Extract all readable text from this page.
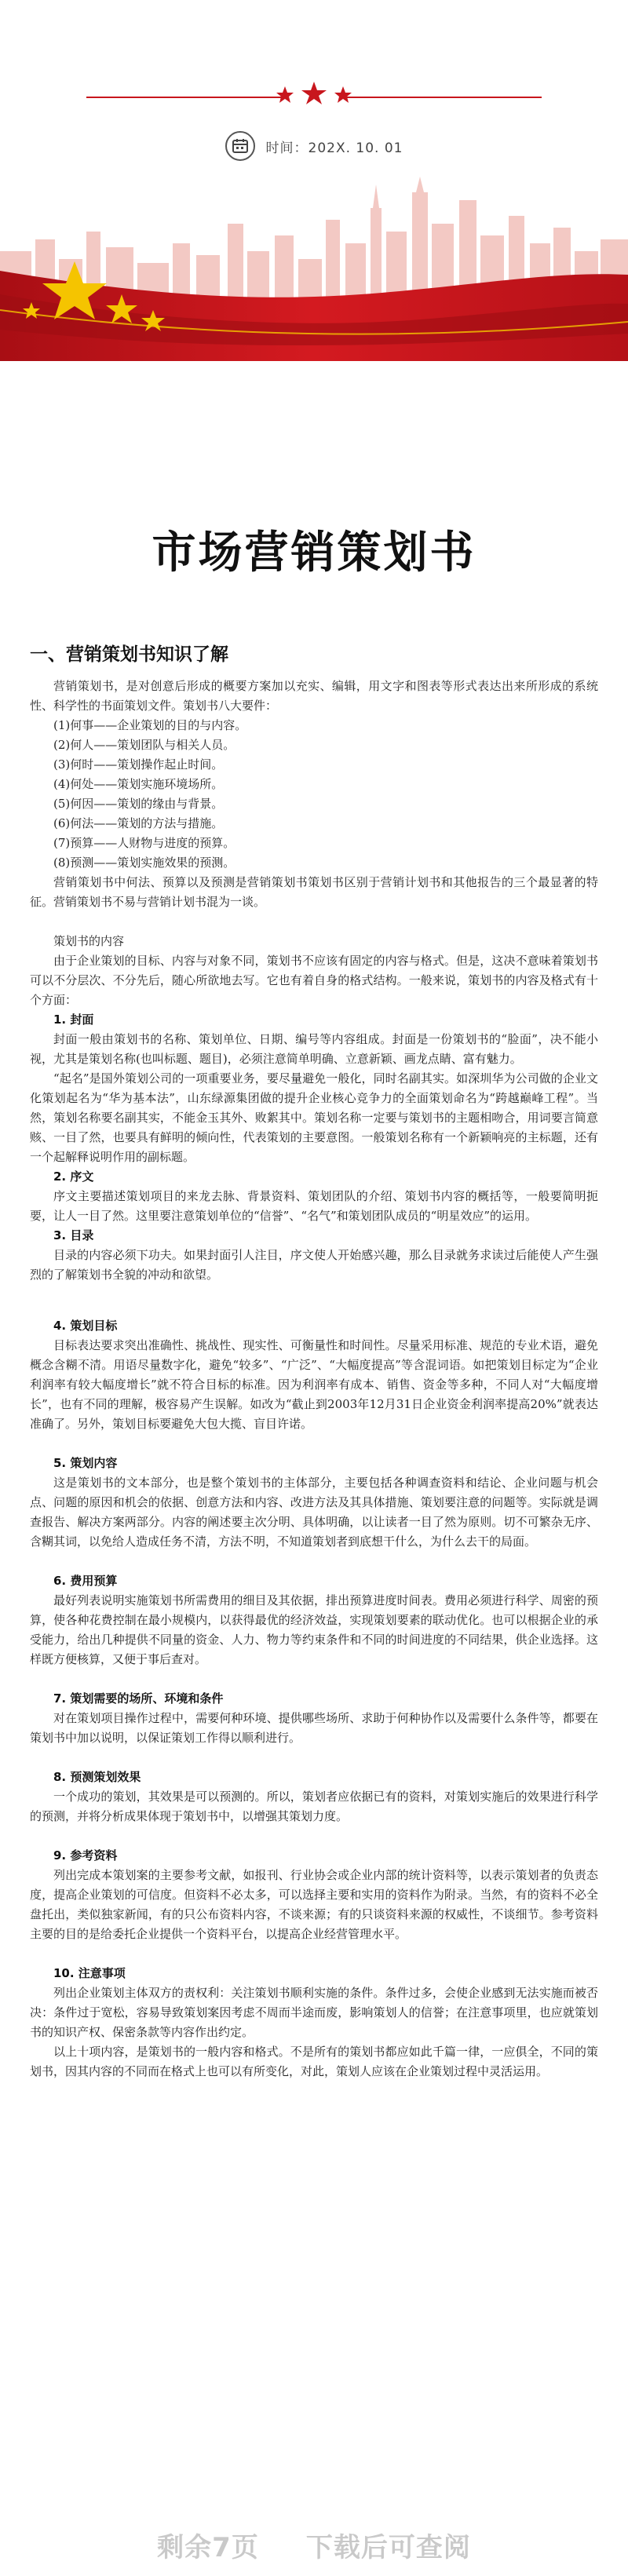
时间：202X. 10. 01
市场营销策划书
一、营销策划书知识了解

营销策划书，是对创意后形成的概要方案加以充实、编辑，用文字和图表等形式表达出来所形成的系统性、科学性的书面策划文件。策划书八大要件：

(1)何事——企业策划的目的与内容。
(2)何人——策划团队与相关人员。
(3)何时——策划操作起止时间。
(4)何处——策划实施环境场所。
(5)何因——策划的缘由与背景。
(6)何法——策划的方法与措施。
(7)预算——人财物与进度的预算。
(8)预测——策划实施效果的预测。

营销策划书中何法、预算以及预测是营销策划书策划书区别于营销计划书和其他报告的三个最显著的特征。营销策划书不易与营销计划书混为一谈。

策划书的内容

由于企业策划的目标、内容与对象不同，策划书不应该有固定的内容与格式。但是，这决不意味着策划书可以不分层次、不分先后，随心所欲地去写。它也有着自身的格式结构。一般来说，策划书的内容及格式有十个方面：

1. 封面

封面一般由策划书的名称、策划单位、日期、编号等内容组成。封面是一份策划书的“脸面”，决不能小视，尤其是策划名称(也叫标题、题目)，必须注意简单明确、立意新颖、画龙点睛、富有魅力。

“起名”是国外策划公司的一项重要业务，要尽量避免一般化，同时名副其实。如深圳华为公司做的企业文化策划起名为“华为基本法”，山东绿源集团做的提升企业核心竞争力的全面策划命名为“跨越巅峰工程”。当然，策划名称要名副其实，不能金玉其外、败絮其中。策划名称一定要与策划书的主题相吻合，用词要言简意赅、一目了然，也要具有鲜明的倾向性，代表策划的主要意图。一般策划名称有一个新颖响亮的主标题，还有一个起解释说明作用的副标题。

2. 序文

序文主要描述策划项目的来龙去脉、背景资料、策划团队的介绍、策划书内容的概括等，一般要简明扼要，让人一目了然。这里要注意策划单位的“信誉”、“名气”和策划团队成员的“明星效应”的运用。

3. 目录

目录的内容必须下功夫。如果封面引人注目，序文使人开始感兴趣，那么目录就务求读过后能使人产生强烈的了解策划书全貌的冲动和欲望。

4. 策划目标

目标表达要求突出准确性、挑战性、现实性、可衡量性和时间性。尽量采用标准、规范的专业术语，避免概念含糊不清。用语尽量数字化，避免“较多”、“广泛”、“大幅度提高”等含混词语。如把策划目标定为“企业利润率有较大幅度增长”就不符合目标的标准。因为利润率有成本、销售、资金等多种，不同人对“大幅度增长”，也有不同的理解，极容易产生误解。如改为“截止到2003年12月31日企业资金利润率提高20%”就表达准确了。另外，策划目标要避免大包大揽、盲目许诺。

5. 策划内容

这是策划书的文本部分，也是整个策划书的主体部分，主要包括各种调查资料和结论、企业问题与机会点、问题的原因和机会的依据、创意方法和内容、改进方法及其具体措施、策划要注意的问题等。实际就是调查报告、解决方案两部分。内容的阐述要主次分明、具体明确，以让读者一目了然为原则。切不可繁杂无序、含糊其词，以免给人造成任务不清，方法不明，不知道策划者到底想干什么，为什么去干的局面。

6. 费用预算

最好列表说明实施策划书所需费用的细目及其依据，排出预算进度时间表。费用必须进行科学、周密的预算，使各种花费控制在最小规模内，以获得最优的经济效益，实现策划要素的联动优化。也可以根据企业的承受能力，给出几种提供不同量的资金、人力、物力等约束条件和不同的时间进度的不同结果，供企业选择。这样既方便核算，又便于事后查对。

7. 策划需要的场所、环境和条件

对在策划项目操作过程中，需要何种环境、提供哪些场所、求助于何种协作以及需要什么条件等，都要在策划书中加以说明，以保证策划工作得以顺利进行。

8. 预测策划效果

一个成功的策划，其效果是可以预测的。所以，策划者应依据已有的资料，对策划实施后的效果进行科学的预测，并将分析成果体现于策划书中，以增强其策划力度。

9. 参考资料

列出完成本策划案的主要参考文献，如报刊、行业协会或企业内部的统计资料等，以表示策划者的负责态度，提高企业策划的可信度。但资料不必太多，可以选择主要和实用的资料作为附录。当然，有的资料不必全盘托出，类似独家新闻，有的只公布资料内容，不谈来源；有的只谈资料来源的权威性，不谈细节。参考资料主要的目的是给委托企业提供一个资料平台，以提高企业经营管理水平。

10. 注意事项

列出企业策划主体双方的责权利：关注策划书顺利实施的条件。条件过多，会使企业感到无法实施而被否决：条件过于宽松，容易导致策划案因考虑不周而半途而废，影响策划人的信誉；在注意事项里，也应就策划书的知识产权、保密条款等内容作出约定。

以上十项内容，是策划书的一般内容和格式。不是所有的策划书都应如此千篇一律，一应俱全，不同的策划书，因其内容的不同而在格式上也可以有所变化，对此，策划人应该在企业策划过程中灵活运用。

剩余7页 下载后可查阅
